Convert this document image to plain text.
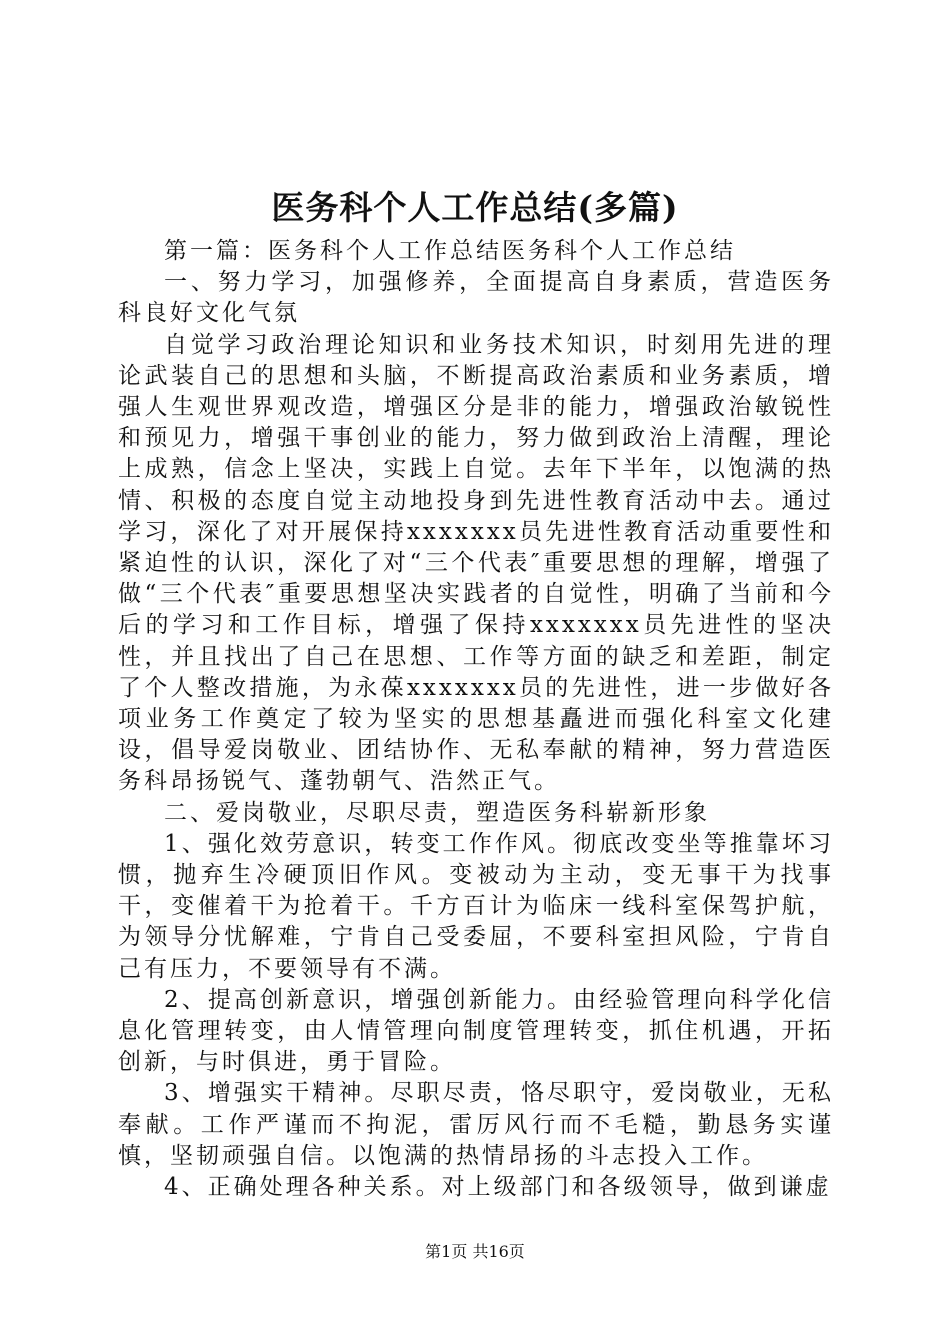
医务科个人工作总结(多篇)

第一篇：医务科个人工作总结医务科个人工作总结

一、努力学习，加强修养，全面提高自身素质，营造医务科良好文化气氛

自觉学习政治理论知识和业务技术知识，时刻用先进的理论武装自己的思想和头脑，不断提高政治素质和业务素质，增强人生观世界观改造，增强区分是非的能力，增强政治敏锐性和预见力，增强干事创业的能力，努力做到政治上清醒，理论上成熟，信念上坚决，实践上自觉。去年下半年，以饱满的热情、积极的态度自觉主动地投身到先进性教育活动中去。通过学习，深化了对开展保持xxxxxxx员先进性教育活动重要性和紧迫性的认识，深化了对“三个代表″重要思想的理解，增强了做“三个代表″重要思想坚决实践者的自觉性，明确了当前和今后的学习和工作目标，增强了保持xxxxxxx员先进性的坚决性，并且找出了自己在思想、工作等方面的缺乏和差距，制定了个人整改措施，为永葆xxxxxxx员的先进性，进一步做好各项业务工作奠定了较为坚实的思想基矗进而强化科室文化建设，倡导爱岗敬业、团结协作、无私奉献的精神，努力营造医务科昂扬锐气、蓬勃朝气、浩然正气。

二、爱岗敬业，尽职尽责，塑造医务科崭新形象

1、强化效劳意识，转变工作作风。彻底改变坐等推靠坏习惯，抛弃生冷硬顶旧作风。变被动为主动，变无事干为找事干，变催着干为抢着干。千方百计为临床一线科室保驾护航，为领导分忧解难，宁肯自己受委屈，不要科室担风险，宁肯自己有压力，不要领导有不满。

2、提高创新意识，增强创新能力。由经验管理向科学化信息化管理转变，由人情管理向制度管理转变，抓住机遇，开拓创新，与时俱进，勇于冒险。

3、增强实干精神。尽职尽责，恪尽职守，爱岗敬业，无私奉献。工作严谨而不拘泥，雷厉风行而不毛糙，勤恳务实谨慎，坚韧顽强自信。以饱满的热情昂扬的斗志投入工作。

4、正确处理各种关系。对上级部门和各级领导，做到谦虚

第1页 共16页
